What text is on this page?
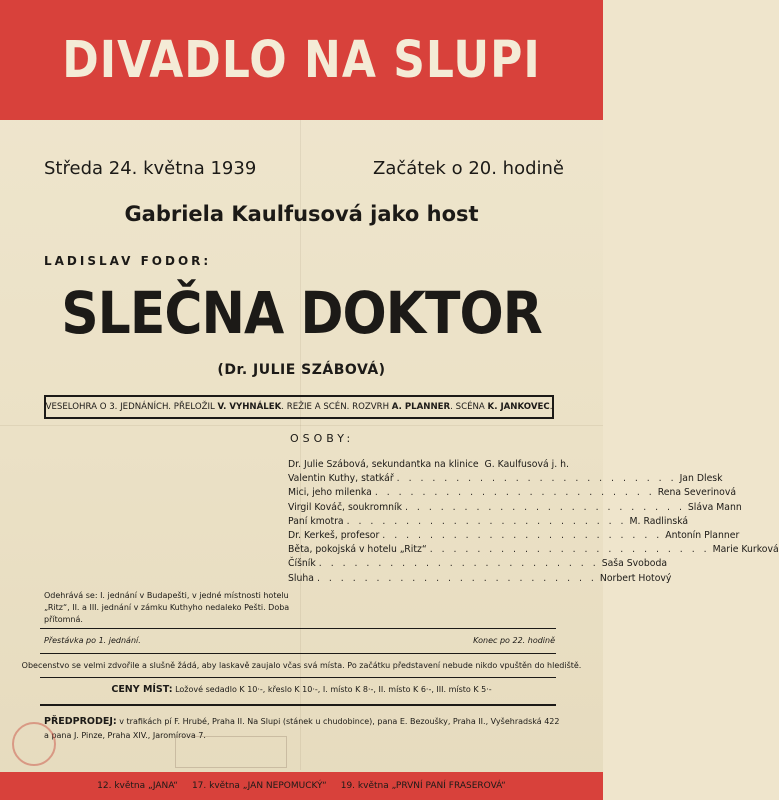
DIVADLO NA SLUPI
Středa 24. května 1939	Začátek o 20. hodině
Gabriela Kaulfusová jako host
LADISLAV FODOR:
SLEČNA DOKTOR
(Dr. JULIE SZÁBOVÁ)
VESELOHRA O 3. JEDNÁNÍCH. PŘELOŽIL
V. VYHNÁLEK . REŽIE A SCÉN. ROZVRH
A. PLANNER . SCÉNA
K. JANKOVEC .
OSOBY:
Dr. Julie Szábová, sekundantka na klinice G. Kaulfusová j. h.
Valentin Kuthy, statkář . . . . . . . . . . . . . . . . . . . . . . . . Jan Dlesk
Mici, jeho milenka . . . . . . . . . . . . . . . . . . . . . . . . Rena Severinová
Virgil Kováč, soukromník . . . . . . . . . . . . . . . . . . . . . . . . Sláva Mann
Paní kmotra . . . . . . . . . . . . . . . . . . . . . . . . M. Radlinská
Dr. Kerkeš, profesor . . . . . . . . . . . . . . . . . . . . . . . . Antonín Planner
Běta, pokojská v hotelu „Ritz“ . . . . . . . . . . . . . . . . . . . . . . . . Marie Kurková
Číšník . . . . . . . . . . . . . . . . . . . . . . . . Saša Svoboda
Sluha . . . . . . . . . . . . . . . . . . . . . . . . Norbert Hotový
Odehrává se: I. jednání v Budapešti, v jedné místnosti hotelu „Ritz“, II. a III. jednání v zámku Kuthyho nedaleko Pešti. Doba přítomná.
Přestávka po 1. jednání.	Konec po 22. hodině
Obecenstvo se velmi zdvořile a slušně žádá, aby laskavě zaujalo včas svá místa. Po začátku představení nebude nikdo vpuštěn do hlediště.
CENY MÍST: Ložové sedadlo K 10·-, křeslo K 10·-, I. místo K 8·-, II. místo K 6·-, III. místo K 5·-
PŘEDPRODEJ: v trafikách pí F. Hrubé, Praha II. Na Slupi (stánek u chudobince), pana E. Bezoušky, Praha II., Vyšehradská 422 a pana J. Pinze, Praha XIV., Jaromírova 7.
12. května „JANA“ 17. května „JAN NEPOMUCKÝ“ 19. května „PRVNÍ PANÍ FRASEROVÁ“
